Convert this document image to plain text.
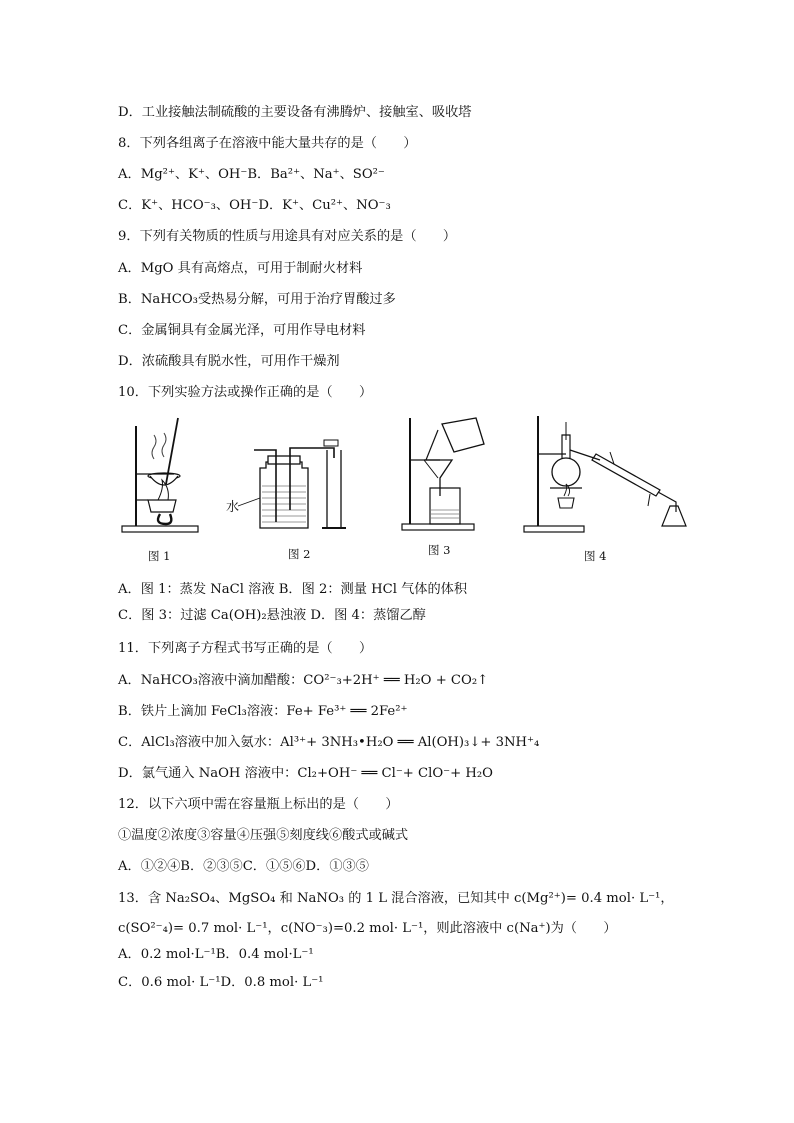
D．工业接触法制硫酸的主要设备有沸腾炉、接触室、吸收塔
8．下列各组离子在溶液中能大量共存的是（　　）
A．Mg²⁺、K⁺、OH⁻B．Ba²⁺、Na⁺、SO²⁻
C．K⁺、HCO⁻₃、OH⁻D．K⁺、Cu²⁺、NO⁻₃
9．下列有关物质的性质与用途具有对应关系的是（　　）
A．MgO 具有高熔点，可用于制耐火材料
B．NaHCO₃受热易分解，可用于治疗胃酸过多
C．金属铜具有金属光泽，可用作导电材料
D．浓硫酸具有脱水性，可用作干燥剂
10．下列实验方法或操作正确的是（　　）
图 1
水
图 2	图 3	图 4
A．图 1：蒸发 NaCl 溶液 B．图 2：测量 HCl 气体的体积
C．图 3：过滤 Ca(OH)₂悬浊液 D．图 4：蒸馏乙醇
11．下列离子方程式书写正确的是（　　）
A．NaHCO₃溶液中滴加醋酸：CO²⁻₃+2H⁺ ══ H₂O + CO₂↑
B．铁片上滴加 FeCl₃溶液：Fe+ Fe³⁺ ══ 2Fe²⁺
C．AlCl₃溶液中加入氨水：Al³⁺+ 3NH₃•H₂O ══ Al(OH)₃↓+ 3NH⁺₄
D．氯气通入 NaOH 溶液中：Cl₂+OH⁻ ══ Cl⁻+ ClO⁻+ H₂O
12．以下六项中需在容量瓶上标出的是（　　）
①温度②浓度③容量④压强⑤刻度线⑥酸式或碱式
A．①②④B．②③⑤C．①⑤⑥D．①③⑤
13．含 Na₂SO₄、MgSO₄ 和 NaNO₃ 的 1 L 混合溶液，已知其中 c(Mg²⁺)= 0.4 mol· L⁻¹，
c(SO²⁻₄)= 0.7 mol· L⁻¹，c(NO⁻₃)=0.2 mol· L⁻¹，则此溶液中 c(Na⁺)为（　　）
A．0.2 mol·L⁻¹B．0.4 mol·L⁻¹
C．0.6 mol· L⁻¹D．0.8 mol· L⁻¹
